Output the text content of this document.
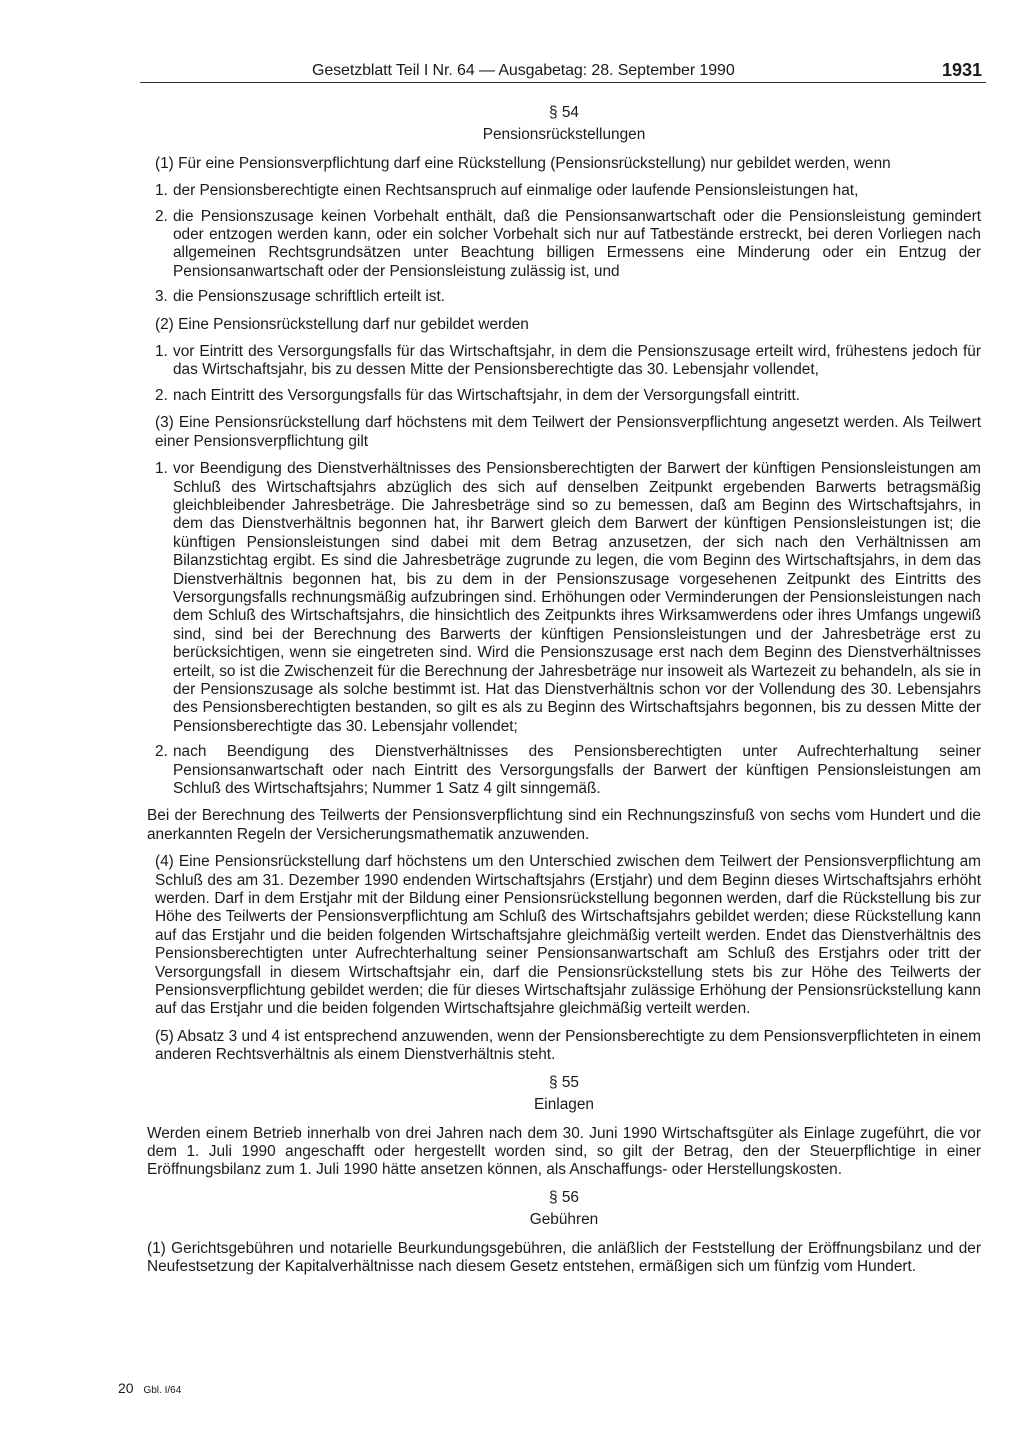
Gesetzblatt Teil I Nr. 64 — Ausgabetag: 28. September 1990	1931
§ 54
Pensionsrückstellungen

(1) Für eine Pensionsverpflichtung darf eine Rückstellung (Pensionsrückstellung) nur gebildet werden, wenn

1. der Pensionsberechtigte einen Rechtsanspruch auf einmalige oder laufende Pensionsleistungen hat,
2. die Pensionszusage keinen Vorbehalt enthält, daß die Pensionsanwartschaft oder die Pensionsleistung gemindert oder entzogen werden kann, oder ein solcher Vorbehalt sich nur auf Tatbestände erstreckt, bei deren Vorliegen nach allgemeinen Rechtsgrundsätzen unter Beachtung billigen Ermessens eine Minderung oder ein Entzug der Pensionsanwartschaft oder der Pensionsleistung zulässig ist, und
3. die Pensionszusage schriftlich erteilt ist.

(2) Eine Pensionsrückstellung darf nur gebildet werden

1. vor Eintritt des Versorgungsfalls für das Wirtschaftsjahr, in dem die Pensionszusage erteilt wird, frühestens jedoch für das Wirtschaftsjahr, bis zu dessen Mitte der Pensionsberechtigte das 30. Lebensjahr vollendet,
2. nach Eintritt des Versorgungsfalls für das Wirtschaftsjahr, in dem der Versorgungsfall eintritt.

(3) Eine Pensionsrückstellung darf höchstens mit dem Teilwert der Pensionsverpflichtung angesetzt werden. Als Teilwert einer Pensionsverpflichtung gilt

1. vor Beendigung des Dienstverhältnisses des Pensionsberechtigten der Barwert der künftigen Pensionsleistungen am Schluß des Wirtschaftsjahrs abzüglich des sich auf denselben Zeitpunkt ergebenden Barwerts betragsmäßig gleichbleibender Jahresbeträge. Die Jahresbeträge sind so zu bemessen, daß am Beginn des Wirtschaftsjahrs, in dem das Dienstverhältnis begonnen hat, ihr Barwert gleich dem Barwert der künftigen Pensionsleistungen ist; die künftigen Pensionsleistungen sind dabei mit dem Betrag anzusetzen, der sich nach den Verhältnissen am Bilanzstichtag ergibt. Es sind die Jahresbeträge zugrunde zu legen, die vom Beginn des Wirtschaftsjahrs, in dem das Dienstverhältnis begonnen hat, bis zu dem in der Pensionszusage vorgesehenen Zeitpunkt des Eintritts des Versorgungsfalls rechnungsmäßig aufzubringen sind. Erhöhungen oder Verminderungen der Pensionsleistungen nach dem Schluß des Wirtschaftsjahrs, die hinsichtlich des Zeitpunkts ihres Wirksamwerdens oder ihres Umfangs ungewiß sind, sind bei der Berechnung des Barwerts der künftigen Pensionsleistungen und der Jahresbeträge erst zu berücksichtigen, wenn sie eingetreten sind. Wird die Pensionszusage erst nach dem Beginn des Dienstverhältnisses erteilt, so ist die Zwischenzeit für die Berechnung der Jahresbeträge nur insoweit als Wartezeit zu behandeln, als sie in der Pensionszusage als solche bestimmt ist. Hat das Dienstverhältnis schon vor der Vollendung des 30. Lebensjahrs des Pensionsberechtigten bestanden, so gilt es als zu Beginn des Wirtschaftsjahrs begonnen, bis zu dessen Mitte der Pensionsberechtigte das 30. Lebensjahr vollendet;
2. nach Beendigung des Dienstverhältnisses des Pensionsberechtigten unter Aufrechterhaltung seiner Pensionsanwartschaft oder nach Eintritt des Versorgungsfalls der Barwert der künftigen Pensionsleistungen am Schluß des Wirtschaftsjahrs; Nummer 1 Satz 4 gilt sinngemäß.

Bei der Berechnung des Teilwerts der Pensionsverpflichtung sind ein Rechnungszinsfuß von sechs vom Hundert und die anerkannten Regeln der Versicherungsmathematik anzuwenden.

(4) Eine Pensionsrückstellung darf höchstens um den Unterschied zwischen dem Teilwert der Pensionsverpflichtung am Schluß des am 31. Dezember 1990 endenden Wirtschaftsjahrs (Erstjahr) und dem Beginn dieses Wirtschaftsjahrs erhöht werden. Darf in dem Erstjahr mit der Bildung einer Pensionsrückstellung begonnen werden, darf die Rückstellung bis zur Höhe des Teilwerts der Pensionsverpflichtung am Schluß des Wirtschaftsjahrs gebildet werden; diese Rückstellung kann auf das Erstjahr und die beiden folgenden Wirtschaftsjahre gleichmäßig verteilt werden. Endet das Dienstverhältnis des Pensionsberechtigten unter Aufrechterhaltung seiner Pensionsanwartschaft am Schluß des Erstjahrs oder tritt der Versorgungsfall in diesem Wirtschaftsjahr ein, darf die Pensionsrückstellung stets bis zur Höhe des Teilwerts der Pensionsverpflichtung gebildet werden; die für dieses Wirtschaftsjahr zulässige Erhöhung der Pensionsrückstellung kann auf das Erstjahr und die beiden folgenden Wirtschaftsjahre gleichmäßig verteilt werden.

(5) Absatz 3 und 4 ist entsprechend anzuwenden, wenn der Pensionsberechtigte zu dem Pensionsverpflichteten in einem anderen Rechtsverhältnis als einem Dienstverhältnis steht.

§ 55
Einlagen

Werden einem Betrieb innerhalb von drei Jahren nach dem 30. Juni 1990 Wirtschaftsgüter als Einlage zugeführt, die vor dem 1. Juli 1990 angeschafft oder hergestellt worden sind, so gilt der Betrag, den der Steuerpflichtige in einer Eröffnungsbilanz zum 1. Juli 1990 hätte ansetzen können, als Anschaffungs- oder Herstellungskosten.

§ 56
Gebühren

(1) Gerichtsgebühren und notarielle Beurkundungsgebühren, die anläßlich der Feststellung der Eröffnungsbilanz und der Neufestsetzung der Kapitalverhältnisse nach diesem Gesetz entstehen, ermäßigen sich um fünfzig vom Hundert.

20 Gbl. I/64
